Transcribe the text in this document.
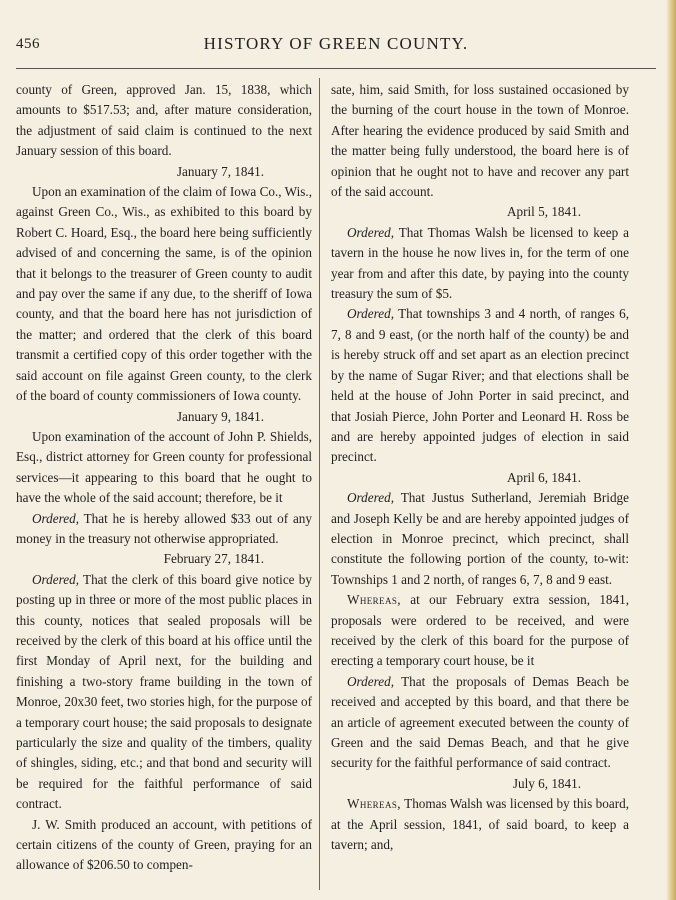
456	HISTORY OF GREEN COUNTY.

county of Green, approved Jan. 15, 1838, which amounts to $517.53; and, after mature consideration, the adjustment of said claim is continued to the next January session of this board.

January 7, 1841.

Upon an examination of the claim of Iowa Co., Wis., against Green Co., Wis., as exhibited to this board by Robert C. Hoard, Esq., the board here being sufficiently advised of and concerning the same, is of the opinion that it belongs to the treasurer of Green county to audit and pay over the same if any due, to the sheriff of Iowa county, and that the board here has not jurisdiction of the matter; and ordered that the clerk of this board transmit a certified copy of this order together with the said account on file against Green county, to the clerk of the board of county commissioners of Iowa county.

January 9, 1841.

Upon examination of the account of John P. Shields, Esq., district attorney for Green county for professional services—it appearing to this board that he ought to have the whole of the said account; therefore, be it

Ordered, That he is hereby allowed $33 out of any money in the treasury not otherwise appropriated.

February 27, 1841.

Ordered, That the clerk of this board give notice by posting up in three or more of the most public places in this county, notices that sealed proposals will be received by the clerk of this board at his office until the first Monday of April next, for the building and finishing a two-story frame building in the town of Monroe, 20x30 feet, two stories high, for the purpose of a temporary court house; the said proposals to designate particularly the size and quality of the timbers, quality of shingles, siding, etc.; and that bond and security will be required for the faithful performance of said contract.

J. W. Smith produced an account, with petitions of certain citizens of the county of Green, praying for an allowance of $206.50 to compen-

sate, him, said Smith, for loss sustained occasioned by the burning of the court house in the town of Monroe. After hearing the evidence produced by said Smith and the matter being fully understood, the board here is of opinion that he ought not to have and recover any part of the said account.

April 5, 1841.

Ordered, That Thomas Walsh be licensed to keep a tavern in the house he now lives in, for the term of one year from and after this date, by paying into the county treasury the sum of $5.

Ordered, That townships 3 and 4 north, of ranges 6, 7, 8 and 9 east, (or the north half of the county) be and is hereby struck off and set apart as an election precinct by the name of Sugar River; and that elections shall be held at the house of John Porter in said precinct, and that Josiah Pierce, John Porter and Leonard H. Ross be and are hereby appointed judges of election in said precinct.

April 6, 1841.

Ordered, That Justus Sutherland, Jeremiah Bridge and Joseph Kelly be and are hereby appointed judges of election in Monroe precinct, which precinct, shall constitute the following portion of the county, to-wit: Townships 1 and 2 north, of ranges 6, 7, 8 and 9 east.

Whereas, at our February extra session, 1841, proposals were ordered to be received, and were received by the clerk of this board for the purpose of erecting a temporary court house, be it

Ordered, That the proposals of Demas Beach be received and accepted by this board, and that there be an article of agreement executed between the county of Green and the said Demas Beach, and that he give security for the faithful performance of said contract.

July 6, 1841.

Whereas, Thomas Walsh was licensed by this board, at the April session, 1841, of said board, to keep a tavern; and,
